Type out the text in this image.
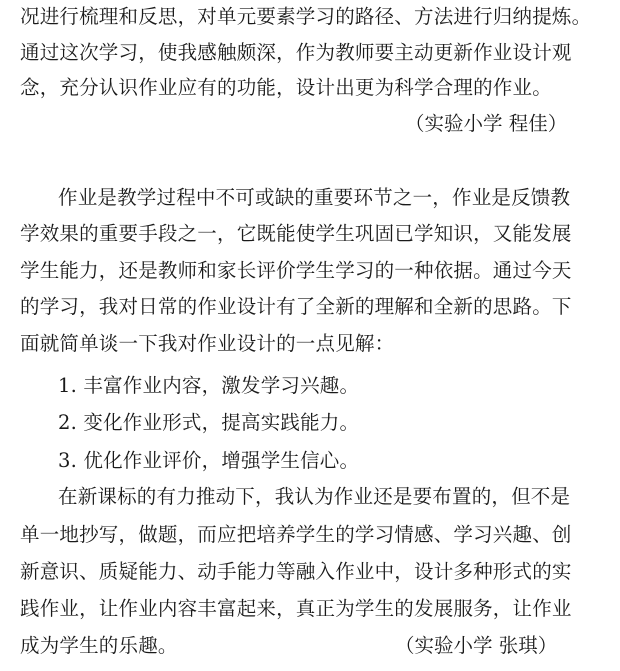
况进行梳理和反思，对单元要素学习的路径、方法进行归纳提炼。
通过这次学习，使我感触颇深，作为教师要主动更新作业设计观
念，充分认识作业应有的功能，设计出更为科学合理的作业。
（实验小学 程佳）
作业是教学过程中不可或缺的重要环节之一，作业是反馈教
学效果的重要手段之一，它既能使学生巩固已学知识，又能发展
学生能力，还是教师和家长评价学生学习的一种依据。通过今天
的学习，我对日常的作业设计有了全新的理解和全新的思路。下
面就简单谈一下我对作业设计的一点见解：
1. 丰富作业内容，激发学习兴趣。
2. 变化作业形式，提高实践能力。
3. 优化作业评价，增强学生信心。
在新课标的有力推动下，我认为作业还是要布置的，但不是
单一地抄写，做题，而应把培养学生的学习情感、学习兴趣、创
新意识、质疑能力、动手能力等融入作业中，设计多种形式的实
践作业，让作业内容丰富起来，真正为学生的发展服务，让作业
成为学生的乐趣。	（实验小学 张琪）
